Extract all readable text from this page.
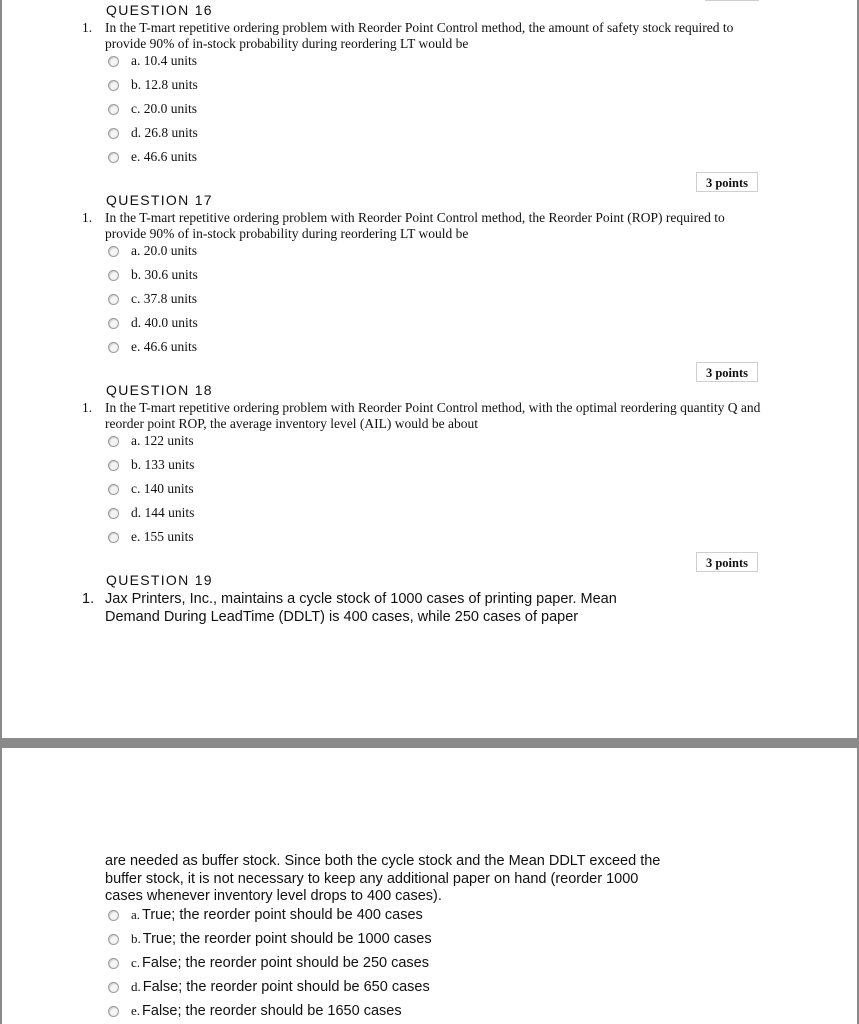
QUESTION 16
1. In the T-mart repetitive ordering problem with Reorder Point Control method, the amount of safety stock required to provide 90% of in-stock probability during reordering LT would be
a. 10.4 units
b. 12.8 units
c. 20.0 units
d. 26.8 units
e. 46.6 units
3 points
QUESTION 17
1. In the T-mart repetitive ordering problem with Reorder Point Control method, the Reorder Point (ROP) required to provide 90% of in-stock probability during reordering LT would be
a. 20.0 units
b. 30.6 units
c. 37.8 units
d. 40.0 units
e. 46.6 units
3 points
QUESTION 18
1. In the T-mart repetitive ordering problem with Reorder Point Control method, with the optimal reordering quantity Q and reorder point ROP, the average inventory level (AIL) would be about
a. 122 units
b. 133 units
c. 140 units
d. 144 units
e. 155 units
3 points
QUESTION 19
1. Jax Printers, Inc., maintains a cycle stock of 1000 cases of printing paper. Mean Demand During LeadTime (DDLT) is 400 cases, while 250 cases of paper
are needed as buffer stock. Since both the cycle stock and the Mean DDLT exceed the buffer stock, it is not necessary to keep any additional paper on hand (reorder 1000 cases whenever inventory level drops to 400 cases).
a. True; the reorder point should be 400 cases
b. True; the reorder point should be 1000 cases
c. False; the reorder point should be 250 cases
d. False; the reorder point should be 650 cases
e. False; the reorder should be 1650 cases
